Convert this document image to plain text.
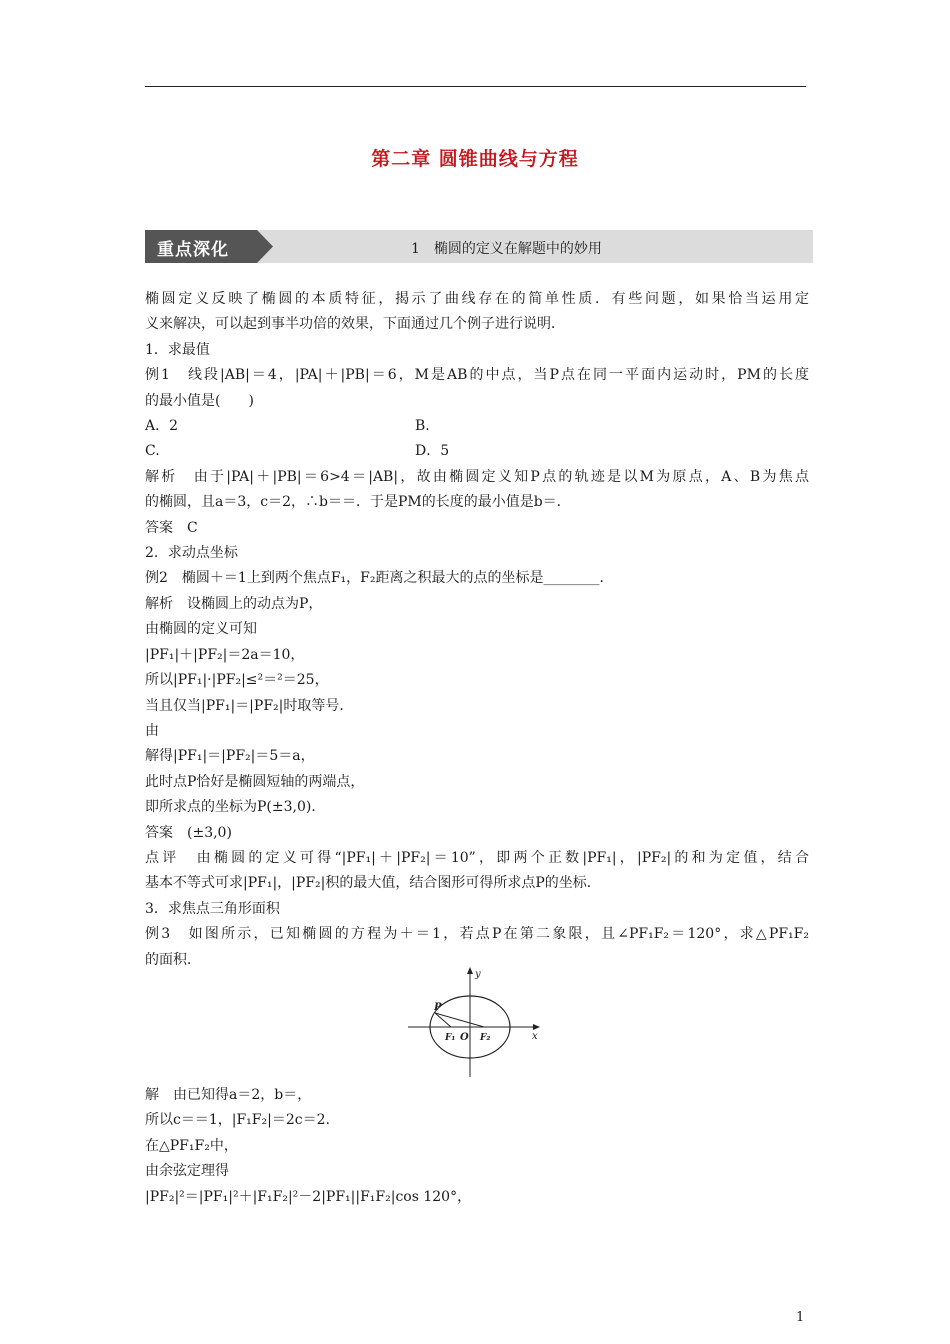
第二章 圆锥曲线与方程
重点深化	1　椭圆的定义在解题中的妙用

椭圆定义反映了椭圆的本质特征，揭示了曲线存在的简单性质．有些问题，如果恰当运用定

义来解决，可以起到事半功倍的效果，下面通过几个例子进行说明．

1．求最值

例1　线段|AB|＝4，|PA|＋|PB|＝6，M是AB的中点，当P点在同一平面内运动时，PM的长度

的最小值是(　　)

A．2	B.

C.	D．5

解析　由于|PA|＋|PB|＝6>4＝|AB|，故由椭圆定义知P点的轨迹是以M为原点，A、B为焦点

的椭圆，且a＝3，c＝2，∴b＝＝．于是PM的长度的最小值是b＝．

答案　C

2．求动点坐标

例2　椭圆＋＝1上到两个焦点F₁，F₂距离之积最大的点的坐标是________．

解析　设椭圆上的动点为P，

由椭圆的定义可知

|PF₁|＋|PF₂|＝2a＝10，

所以|PF₁|·|PF₂|≤²＝²＝25，

当且仅当|PF₁|＝|PF₂|时取等号．

由

解得|PF₁|＝|PF₂|＝5＝a，

此时点P恰好是椭圆短轴的两端点，

即所求点的坐标为P(±3,0)．

答案　(±3,0)

点评　由椭圆的定义可得“|PF₁|＋|PF₂|＝10”，即两个正数|PF₁|，|PF₂|的和为定值，结合

基本不等式可求|PF₁|，|PF₂|积的最大值，结合图形可得所求点P的坐标．

3．求焦点三角形面积

例3　如图所示，已知椭圆的方程为＋＝1，若点P在第二象限，且∠PF₁F₂＝120°，求△PF₁F₂

的面积．

y
x
P
F₁ O F₂

解　由已知得a＝2，b＝，

所以c＝＝1，|F₁F₂|＝2c＝2.

在△PF₁F₂中，

由余弦定理得

|PF₂|²＝|PF₁|²＋|F₁F₂|²－2|PF₁||F₁F₂|cos 120°，

1
